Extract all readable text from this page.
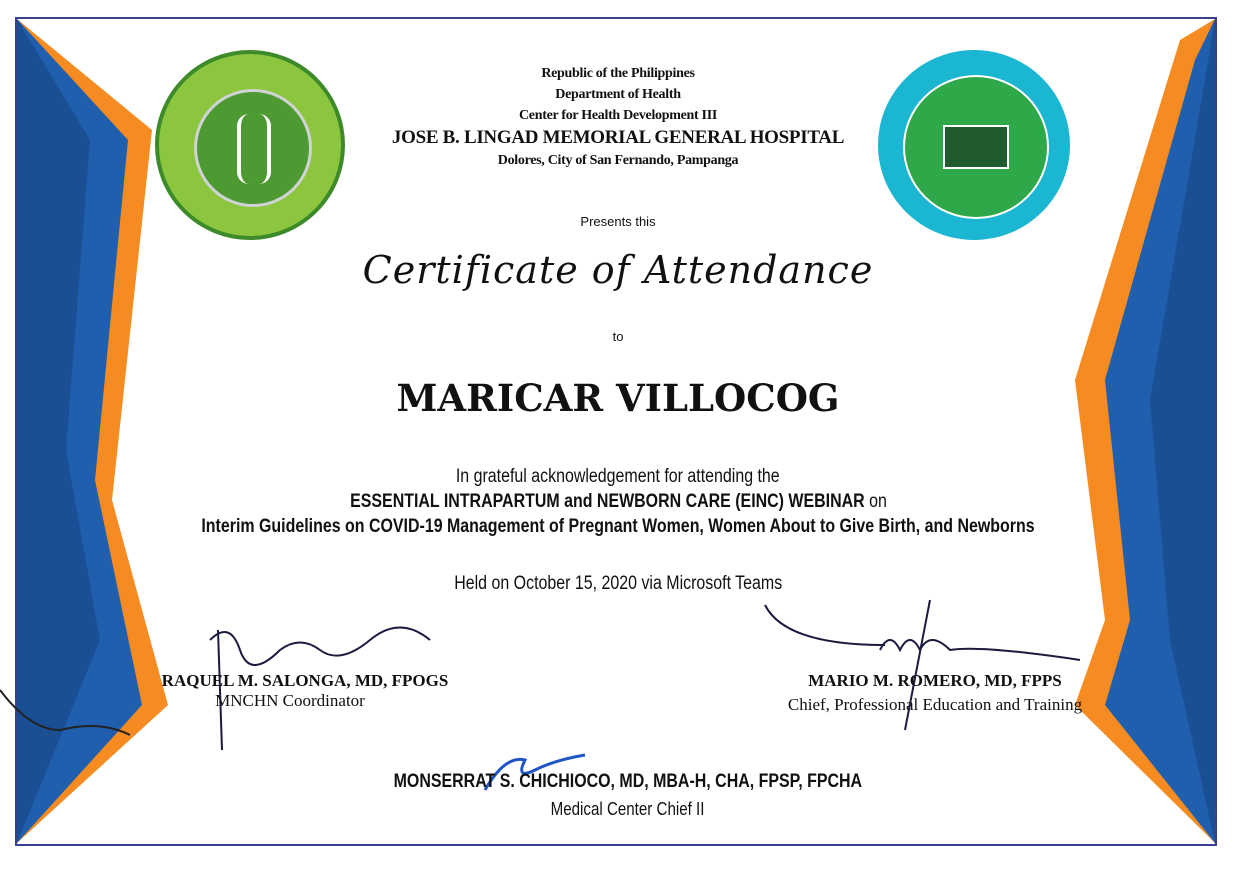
Republic of the Philippines
Department of Health
Center for Health Development III
JOSE B. LINGAD MEMORIAL GENERAL HOSPITAL
Dolores, City of San Fernando, Pampanga
Presents this
Certificate of Attendance
to
MARICAR VILLOCOG
In grateful acknowledgement for attending the
ESSENTIAL INTRAPARTUM and NEWBORN CARE (EINC) WEBINAR on
Interim Guidelines on COVID-19 Management of Pregnant Women, Women About to Give Birth, and Newborns
Held on October 15, 2020 via Microsoft Teams
RAQUEL M. SALONGA, MD, FPOGS
MNCHN Coordinator
MARIO M. ROMERO, MD, FPPS
Chief, Professional Education and Training
MONSERRAT S. CHICHIOCO, MD, MBA-H, CHA, FPSP, FPCHA
Medical Center Chief II
